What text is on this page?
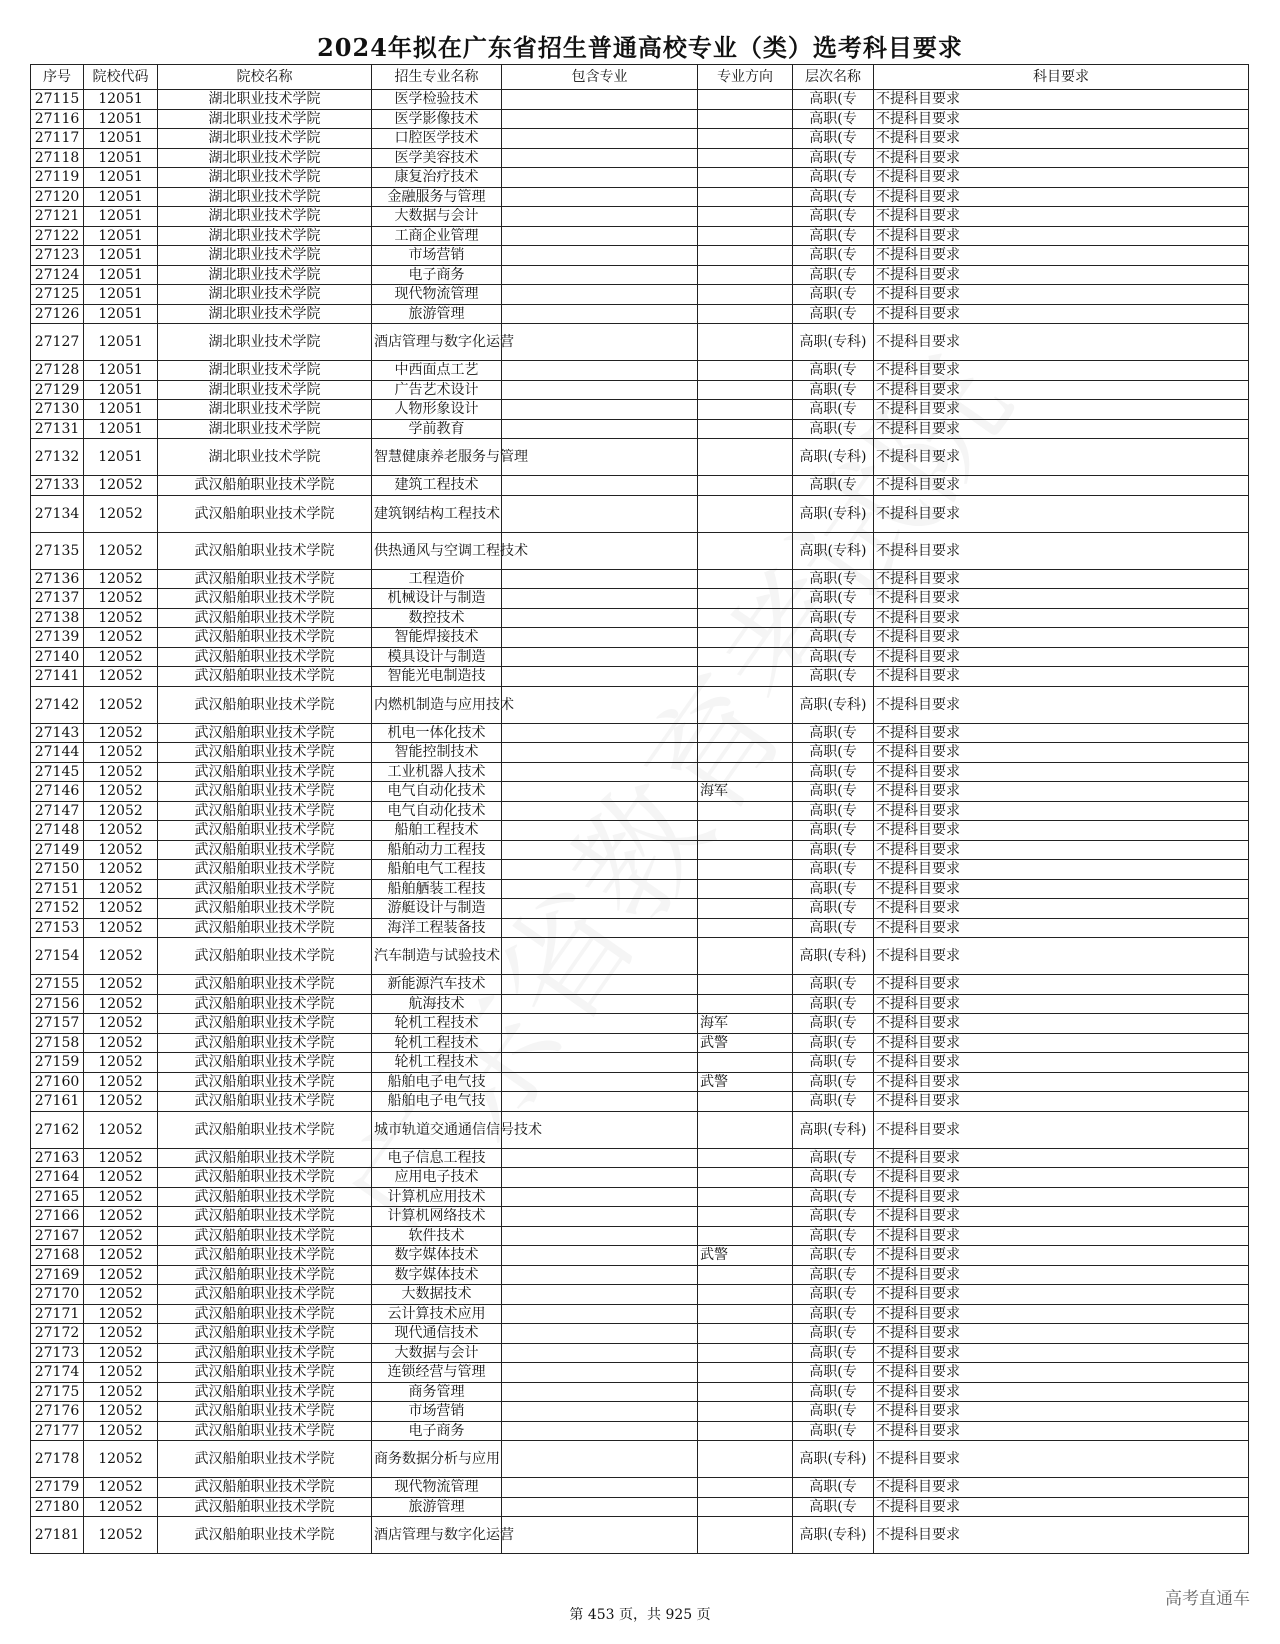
2024年拟在广东省招生普通高校专业（类）选考科目要求
序号	院校代码	院校名称	招生专业名称	包含专业	专业方向	层次名称	科目要求
27115	12051	湖北职业技术学院	医学检验技术			高职(专	不提科目要求
27116	12051	湖北职业技术学院	医学影像技术			高职(专	不提科目要求
27117	12051	湖北职业技术学院	口腔医学技术			高职(专	不提科目要求
27118	12051	湖北职业技术学院	医学美容技术			高职(专	不提科目要求
27119	12051	湖北职业技术学院	康复治疗技术			高职(专	不提科目要求
27120	12051	湖北职业技术学院	金融服务与管理			高职(专	不提科目要求
27121	12051	湖北职业技术学院	大数据与会计			高职(专	不提科目要求
27122	12051	湖北职业技术学院	工商企业管理			高职(专	不提科目要求
27123	12051	湖北职业技术学院	市场营销			高职(专	不提科目要求
27124	12051	湖北职业技术学院	电子商务			高职(专	不提科目要求
27125	12051	湖北职业技术学院	现代物流管理			高职(专	不提科目要求
27126	12051	湖北职业技术学院	旅游管理			高职(专	不提科目要求
27127	12051	湖北职业技术学院	酒店管理与数字化运营			高职(专科)	不提科目要求
27128	12051	湖北职业技术学院	中西面点工艺			高职(专	不提科目要求
27129	12051	湖北职业技术学院	广告艺术设计			高职(专	不提科目要求
27130	12051	湖北职业技术学院	人物形象设计			高职(专	不提科目要求
27131	12051	湖北职业技术学院	学前教育			高职(专	不提科目要求
27132	12051	湖北职业技术学院	智慧健康养老服务与管理			高职(专科)	不提科目要求
27133	12052	武汉船舶职业技术学院	建筑工程技术			高职(专	不提科目要求
27134	12052	武汉船舶职业技术学院	建筑钢结构工程技术			高职(专科)	不提科目要求
27135	12052	武汉船舶职业技术学院	供热通风与空调工程技术			高职(专科)	不提科目要求
27136	12052	武汉船舶职业技术学院	工程造价			高职(专	不提科目要求
27137	12052	武汉船舶职业技术学院	机械设计与制造			高职(专	不提科目要求
27138	12052	武汉船舶职业技术学院	数控技术			高职(专	不提科目要求
27139	12052	武汉船舶职业技术学院	智能焊接技术			高职(专	不提科目要求
27140	12052	武汉船舶职业技术学院	模具设计与制造			高职(专	不提科目要求
27141	12052	武汉船舶职业技术学院	智能光电制造技			高职(专	不提科目要求
27142	12052	武汉船舶职业技术学院	内燃机制造与应用技术			高职(专科)	不提科目要求
27143	12052	武汉船舶职业技术学院	机电一体化技术			高职(专	不提科目要求
27144	12052	武汉船舶职业技术学院	智能控制技术			高职(专	不提科目要求
27145	12052	武汉船舶职业技术学院	工业机器人技术			高职(专	不提科目要求
27146	12052	武汉船舶职业技术学院	电气自动化技术		海军	高职(专	不提科目要求
27147	12052	武汉船舶职业技术学院	电气自动化技术			高职(专	不提科目要求
27148	12052	武汉船舶职业技术学院	船舶工程技术			高职(专	不提科目要求
27149	12052	武汉船舶职业技术学院	船舶动力工程技			高职(专	不提科目要求
27150	12052	武汉船舶职业技术学院	船舶电气工程技			高职(专	不提科目要求
27151	12052	武汉船舶职业技术学院	船舶舾装工程技			高职(专	不提科目要求
27152	12052	武汉船舶职业技术学院	游艇设计与制造			高职(专	不提科目要求
27153	12052	武汉船舶职业技术学院	海洋工程装备技			高职(专	不提科目要求
27154	12052	武汉船舶职业技术学院	汽车制造与试验技术			高职(专科)	不提科目要求
27155	12052	武汉船舶职业技术学院	新能源汽车技术			高职(专	不提科目要求
27156	12052	武汉船舶职业技术学院	航海技术			高职(专	不提科目要求
27157	12052	武汉船舶职业技术学院	轮机工程技术		海军	高职(专	不提科目要求
27158	12052	武汉船舶职业技术学院	轮机工程技术		武警	高职(专	不提科目要求
27159	12052	武汉船舶职业技术学院	轮机工程技术			高职(专	不提科目要求
27160	12052	武汉船舶职业技术学院	船舶电子电气技		武警	高职(专	不提科目要求
27161	12052	武汉船舶职业技术学院	船舶电子电气技			高职(专	不提科目要求
27162	12052	武汉船舶职业技术学院	城市轨道交通通信信号技术			高职(专科)	不提科目要求
27163	12052	武汉船舶职业技术学院	电子信息工程技			高职(专	不提科目要求
27164	12052	武汉船舶职业技术学院	应用电子技术			高职(专	不提科目要求
27165	12052	武汉船舶职业技术学院	计算机应用技术			高职(专	不提科目要求
27166	12052	武汉船舶职业技术学院	计算机网络技术			高职(专	不提科目要求
27167	12052	武汉船舶职业技术学院	软件技术			高职(专	不提科目要求
27168	12052	武汉船舶职业技术学院	数字媒体技术		武警	高职(专	不提科目要求
27169	12052	武汉船舶职业技术学院	数字媒体技术			高职(专	不提科目要求
27170	12052	武汉船舶职业技术学院	大数据技术			高职(专	不提科目要求
27171	12052	武汉船舶职业技术学院	云计算技术应用			高职(专	不提科目要求
27172	12052	武汉船舶职业技术学院	现代通信技术			高职(专	不提科目要求
27173	12052	武汉船舶职业技术学院	大数据与会计			高职(专	不提科目要求
27174	12052	武汉船舶职业技术学院	连锁经营与管理			高职(专	不提科目要求
27175	12052	武汉船舶职业技术学院	商务管理			高职(专	不提科目要求
27176	12052	武汉船舶职业技术学院	市场营销			高职(专	不提科目要求
27177	12052	武汉船舶职业技术学院	电子商务			高职(专	不提科目要求
27178	12052	武汉船舶职业技术学院	商务数据分析与应用			高职(专科)	不提科目要求
27179	12052	武汉船舶职业技术学院	现代物流管理			高职(专	不提科目要求
27180	12052	武汉船舶职业技术学院	旅游管理			高职(专	不提科目要求
27181	12052	武汉船舶职业技术学院	酒店管理与数字化运营			高职(专科)	不提科目要求
第 453 页，共 925 页
高考直通车
